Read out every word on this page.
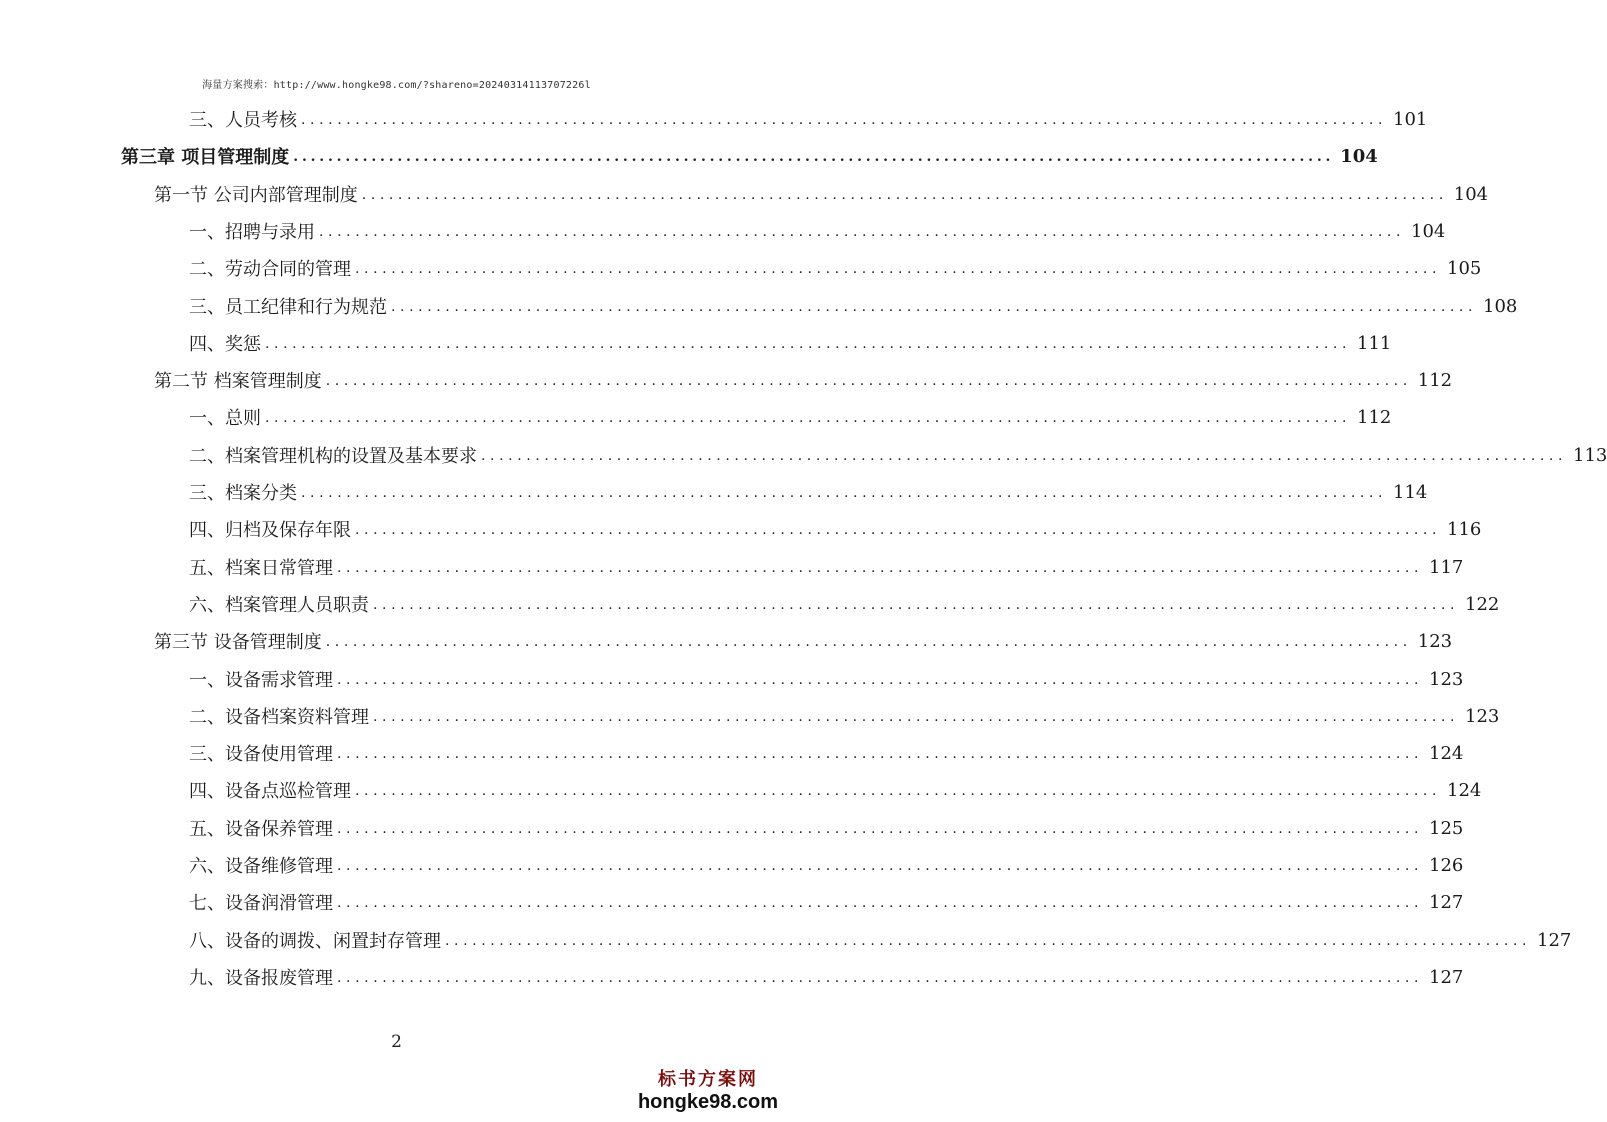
海量方案搜索：http://www.hongke98.com/?shareno=20240314113707226l
三、人员考核 ........................................................................................................................ 101
第三章 项目管理制度 ........................................................................................................................ 104
第一节 公司内部管理制度 ........................................................................................................................ 104
一、招聘与录用 ........................................................................................................................ 104
二、劳动合同的管理 ........................................................................................................................ 105
三、员工纪律和行为规范 ........................................................................................................................ 108
四、奖惩 ........................................................................................................................ 111
第二节 档案管理制度 ........................................................................................................................ 112
一、总则 ........................................................................................................................ 112
二、档案管理机构的设置及基本要求 ........................................................................................................................ 113
三、档案分类 ........................................................................................................................ 114
四、归档及保存年限 ........................................................................................................................ 116
五、档案日常管理 ........................................................................................................................ 117
六、档案管理人员职责 ........................................................................................................................ 122
第三节 设备管理制度 ........................................................................................................................ 123
一、设备需求管理 ........................................................................................................................ 123
二、设备档案资料管理 ........................................................................................................................ 123
三、设备使用管理 ........................................................................................................................ 124
四、设备点巡检管理 ........................................................................................................................ 124
五、设备保养管理 ........................................................................................................................ 125
六、设备维修管理 ........................................................................................................................ 126
七、设备润滑管理 ........................................................................................................................ 127
八、设备的调拨、闲置封存管理 ........................................................................................................................ 127
九、设备报废管理 ........................................................................................................................ 127
2
标书方案网
hongke98.com
